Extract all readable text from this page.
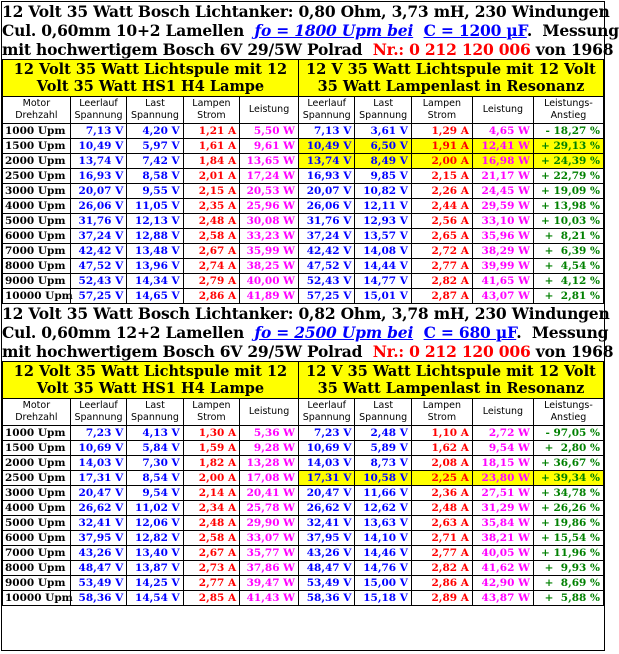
12 Volt 35 Watt Bosch Lichtanker: 0,80 Ohm, 3,73 mH, 230 Windungen
Cul. 0,60mm 10+2 Lamellen  ƒo = 1800 Upm bei C = 1200 µF.  Messung
mit hochwertigem Bosch 6V 29/5W Polrad  Nr.: 0 212 120 006 von 1968
12 Volt 35 Watt Lichtspule mit 12 Volt 35 Watt HS1 H4 Lampe					12 V 35 Watt Lichtspule mit 12 Volt 35 Watt Lampenlast in Resonanz				
Motor Drehzahl	Leerlauf Spannung	Last Spannung	Lampen Strom	Leistung	Leerlauf Spannung	Last Spannung	Lampen Strom	Leistung	Leistungs- Anstieg
1000 Upm	7,13 V	4,20 V	1,21 A	5,50 W	7,13 V	3,61 V	1,29 A	4,65 W	- 18,27 %
1500 Upm	10,49 V	5,97 V	1,61 A	9,61 W	10,49 V	6,50 V	1,91 A	12,41 W	+ 29,13 %
2000 Upm	13,74 V	7,42 V	1,84 A	13,65 W	13,74 V	8,49 V	2,00 A	16,98 W	+ 24,39 %
2500 Upm	16,93 V	8,58 V	2,01 A	17,24 W	16,93 V	9,85 V	2,15 A	21,17 W	+ 22,79 %
3000 Upm	20,07 V	9,55 V	2,15 A	20,53 W	20,07 V	10,82 V	2,26 A	24,45 W	+ 19,09 %
4000 Upm	26,06 V	11,05 V	2,35 A	25,96 W	26,06 V	12,11 V	2,44 A	29,59 W	+ 13,98 %
5000 Upm	31,76 V	12,13 V	2,48 A	30,08 W	31,76 V	12,93 V	2,56 A	33,10 W	+ 10,03 %
6000 Upm	37,24 V	12,88 V	2,58 A	33,23 W	37,24 V	13,57 V	2,65 A	35,96 W	+  8,21 %
7000 Upm	42,42 V	13,48 V	2,67 A	35,99 W	42,42 V	14,08 V	2,72 A	38,29 W	+  6,39 %
8000 Upm	47,52 V	13,96 V	2,74 A	38,25 W	47,52 V	14,44 V	2,77 A	39,99 W	+  4,54 %
9000 Upm	52,43 V	14,34 V	2,79 A	40,00 W	52,43 V	14,77 V	2,82 A	41,65 W	+  4,12 %
10000 Upm	57,25 V	14,65 V	2,86 A	41,89 W	57,25 V	15,01 V	2,87 A	43,07 W	+  2,81 %
12 Volt 35 Watt Bosch Lichtanker: 0,82 Ohm, 3,78 mH, 230 Windungen
Cul. 0,60mm 12+2 Lamellen  ƒo = 2500 Upm bei C = 680 µF.  Messung
mit hochwertigem Bosch 6V 29/5W Polrad  Nr.: 0 212 120 006 von 1968
12 Volt 35 Watt Lichtspule mit 12 Volt 35 Watt HS1 H4 Lampe					12 V 35 Watt Lichtspule mit 12 Volt 35 Watt Lampenlast in Resonanz				
Motor Drehzahl	Leerlauf Spannung	Last Spannung	Lampen Strom	Leistung	Leerlauf Spannung	Last Spannung	Lampen Strom	Leistung	Leistungs- Anstieg
1000 Upm	7,23 V	4,13 V	1,30 A	5,36 W	7,23 V	2,48 V	1,10 A	2,72 W	- 97,05 %
1500 Upm	10,69 V	5,84 V	1,59 A	9,28 W	10,69 V	5,89 V	1,62 A	9,54 W	+  2,80 %
2000 Upm	14,03 V	7,30 V	1,82 A	13,28 W	14,03 V	8,73 V	2,08 A	18,15 W	+ 36,67 %
2500 Upm	17,31 V	8,54 V	2,00 A	17,08 W	17,31 V	10,58 V	2,25 A	23,80 W	+ 39,34 %
3000 Upm	20,47 V	9,54 V	2,14 A	20,41 W	20,47 V	11,66 V	2,36 A	27,51 W	+ 34,78 %
4000 Upm	26,62 V	11,02 V	2,34 A	25,78 W	26,62 V	12,62 V	2,48 A	31,29 W	+ 26,26 %
5000 Upm	32,41 V	12,06 V	2,48 A	29,90 W	32,41 V	13,63 V	2,63 A	35,84 W	+ 19,86 %
6000 Upm	37,95 V	12,82 V	2,58 A	33,07 W	37,95 V	14,10 V	2,71 A	38,21 W	+ 15,54 %
7000 Upm	43,26 V	13,40 V	2,67 A	35,77 W	43,26 V	14,46 V	2,77 A	40,05 W	+ 11,96 %
8000 Upm	48,47 V	13,87 V	2,73 A	37,86 W	48,47 V	14,76 V	2,82 A	41,62 W	+  9,93 %
9000 Upm	53,49 V	14,25 V	2,77 A	39,47 W	53,49 V	15,00 V	2,86 A	42,90 W	+  8,69 %
10000 Upm	58,36 V	14,54 V	2,85 A	41,43 W	58,36 V	15,18 V	2,89 A	43,87 W	+  5,88 %
